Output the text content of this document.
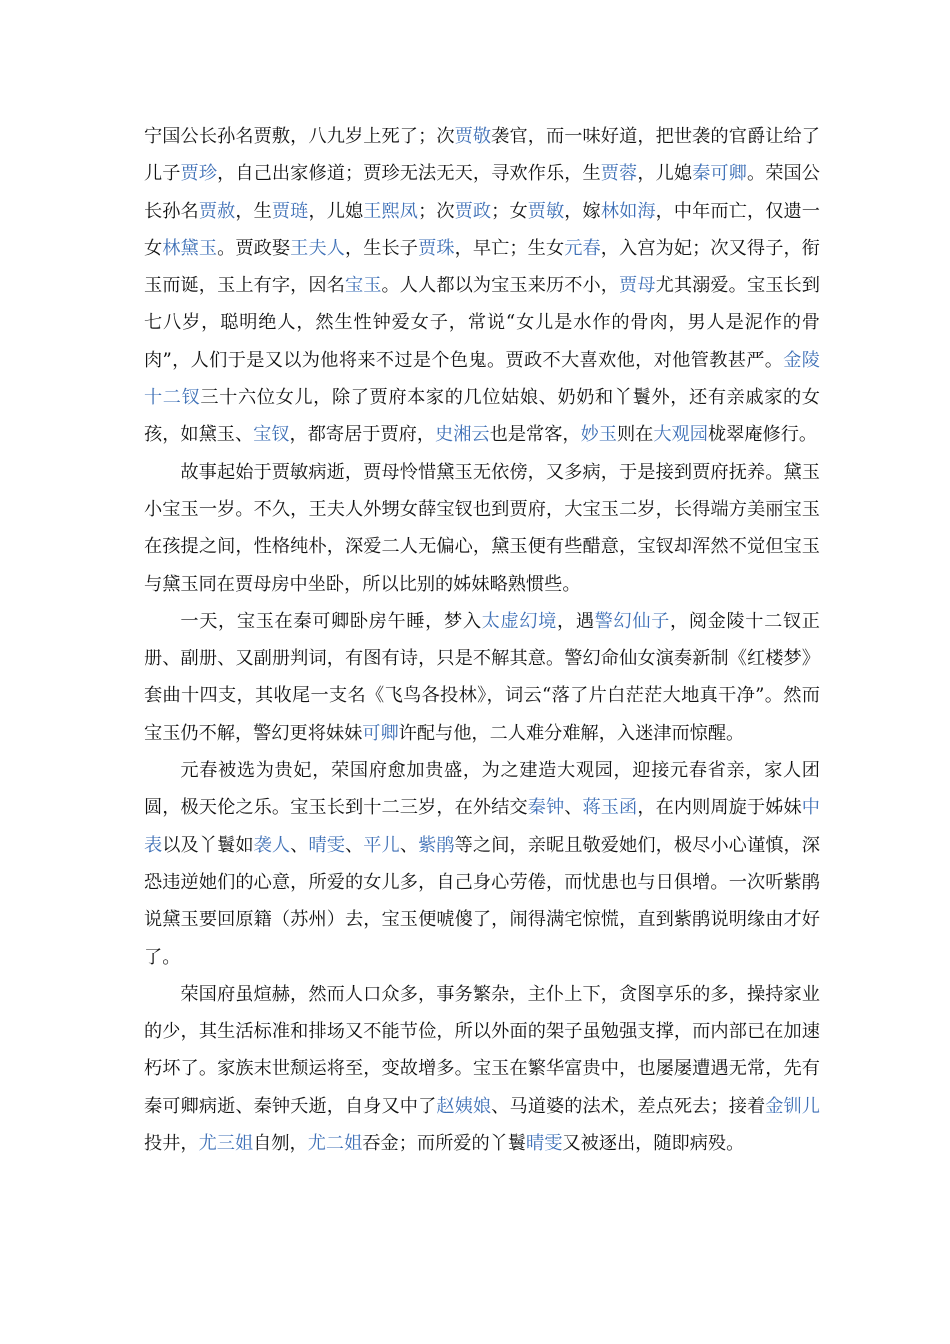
宁国公长孙名贾敷，八九岁上死了；次贾敬袭官，而一味好道，把世袭的官爵让给了儿子贾珍，自己出家修道；贾珍无法无天，寻欢作乐，生贾蓉，儿媳秦可卿。荣国公长孙名贾赦，生贾琏，儿媳王熙凤；次贾政；女贾敏，嫁林如海，中年而亡，仅遗一女林黛玉。贾政娶王夫人，生长子贾珠，早亡；生女元春，入宫为妃；次又得子，衔玉而诞，玉上有字，因名宝玉。人人都以为宝玉来历不小，贾母尤其溺爱。宝玉长到七八岁，聪明绝人，然生性钟爱女子，常说“女儿是水作的骨肉，男人是泥作的骨肉”，人们于是又以为他将来不过是个色鬼。贾政不大喜欢他，对他管教甚严。金陵十二钗三十六位女儿，除了贾府本家的几位姑娘、奶奶和丫鬟外，还有亲戚家的女孩，如黛玉、宝钗，都寄居于贾府，史湘云也是常客，妙玉则在大观园栊翠庵修行。

故事起始于贾敏病逝，贾母怜惜黛玉无依傍，又多病，于是接到贾府抚养。黛玉小宝玉一岁。不久，王夫人外甥女薛宝钗也到贾府，大宝玉二岁，长得端方美丽宝玉在孩提之间，性格纯朴，深爱二人无偏心，黛玉便有些醋意，宝钗却浑然不觉但宝玉与黛玉同在贾母房中坐卧，所以比别的姊妹略熟惯些。

一天，宝玉在秦可卿卧房午睡，梦入太虚幻境，遇警幻仙子，阅金陵十二钗正册、副册、又副册判词，有图有诗，只是不解其意。警幻命仙女演奏新制《红楼梦》套曲十四支，其收尾一支名《飞鸟各投林》，词云“落了片白茫茫大地真干净”。然而宝玉仍不解，警幻更将妹妹可卿许配与他，二人难分难解，入迷津而惊醒。

元春被选为贵妃，荣国府愈加贵盛，为之建造大观园，迎接元春省亲，家人团圆，极天伦之乐。宝玉长到十二三岁，在外结交秦钟、蒋玉函，在内则周旋于姊妹中表以及丫鬟如袭人、晴雯、平儿、紫鹃等之间，亲昵且敬爱她们，极尽小心谨慎，深恐违逆她们的心意，所爱的女儿多，自己身心劳倦，而忧患也与日俱增。一次听紫鹃说黛玉要回原籍（苏州）去，宝玉便唬傻了，闹得满宅惊慌，直到紫鹃说明缘由才好了。

荣国府虽煊赫，然而人口众多，事务繁杂，主仆上下，贪图享乐的多，操持家业的少，其生活标准和排场又不能节俭，所以外面的架子虽勉强支撑，而内部已在加速朽坏了。家族末世颓运将至，变故增多。宝玉在繁华富贵中，也屡屡遭遇无常，先有秦可卿病逝、秦钟夭逝，自身又中了赵姨娘、马道婆的法术，差点死去；接着金钏儿投井，尤三姐自刎，尤二姐吞金；而所爱的丫鬟晴雯又被逐出，随即病殁。
